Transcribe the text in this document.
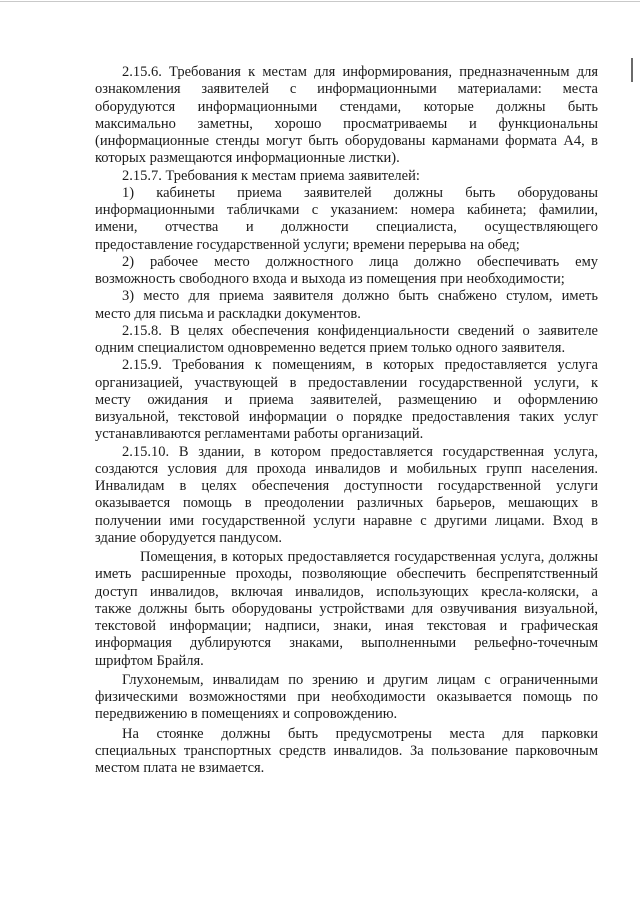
2.15.6. Требования к местам для информирования, предназначенным для
ознакомления заявителей с информационными материалами: места
оборудуются информационными стендами, которые должны быть
максимально заметны, хорошо просматриваемы и функциональны
(информационные стенды могут быть оборудованы карманами формата А4, в
которых размещаются информационные листки).
2.15.7. Требования к местам приема заявителей:
1) кабинеты приема заявителей должны быть оборудованы
информационными табличками с указанием: номера кабинета; фамилии,
имени, отчества и должности специалиста, осуществляющего
предоставление государственной услуги; времени перерыва на обед;
2) рабочее место должностного лица должно обеспечивать ему
возможность свободного входа и выхода из помещения при необходимости;
3) место для приема заявителя должно быть снабжено стулом, иметь
место для письма и раскладки документов.
2.15.8. В целях обеспечения конфиденциальности сведений о заявителе
одним специалистом одновременно ведется прием только одного заявителя.
2.15.9. Требования к помещениям, в которых предоставляется услуга
организацией, участвующей в предоставлении государственной услуги, к
месту ожидания и приема заявителей, размещению и оформлению
визуальной, текстовой информации о порядке предоставления таких услуг
устанавливаются регламентами работы организаций.
2.15.10. В здании, в котором предоставляется государственная услуга,
создаются условия для прохода инвалидов и мобильных групп населения.
Инвалидам в целях обеспечения доступности государственной услуги
оказывается помощь в преодолении различных барьеров, мешающих в
получении ими государственной услуги наравне с другими лицами. Вход в
здание оборудуется пандусом.
Помещения, в которых предоставляется государственная услуга, должны
иметь расширенные проходы, позволяющие обеспечить беспрепятственный
доступ инвалидов, включая инвалидов, использующих кресла-коляски, а
также должны быть оборудованы устройствами для озвучивания визуальной,
текстовой информации; надписи, знаки, иная текстовая и графическая
информация дублируются знаками, выполненными рельефно-точечным
шрифтом Брайля.
Глухонемым, инвалидам по зрению и другим лицам с ограниченными
физическими возможностями при необходимости оказывается помощь по
передвижению в помещениях и сопровождению.
На стоянке должны быть предусмотрены места для парковки
специальных транспортных средств инвалидов. За пользование парковочным
местом плата не взимается.
